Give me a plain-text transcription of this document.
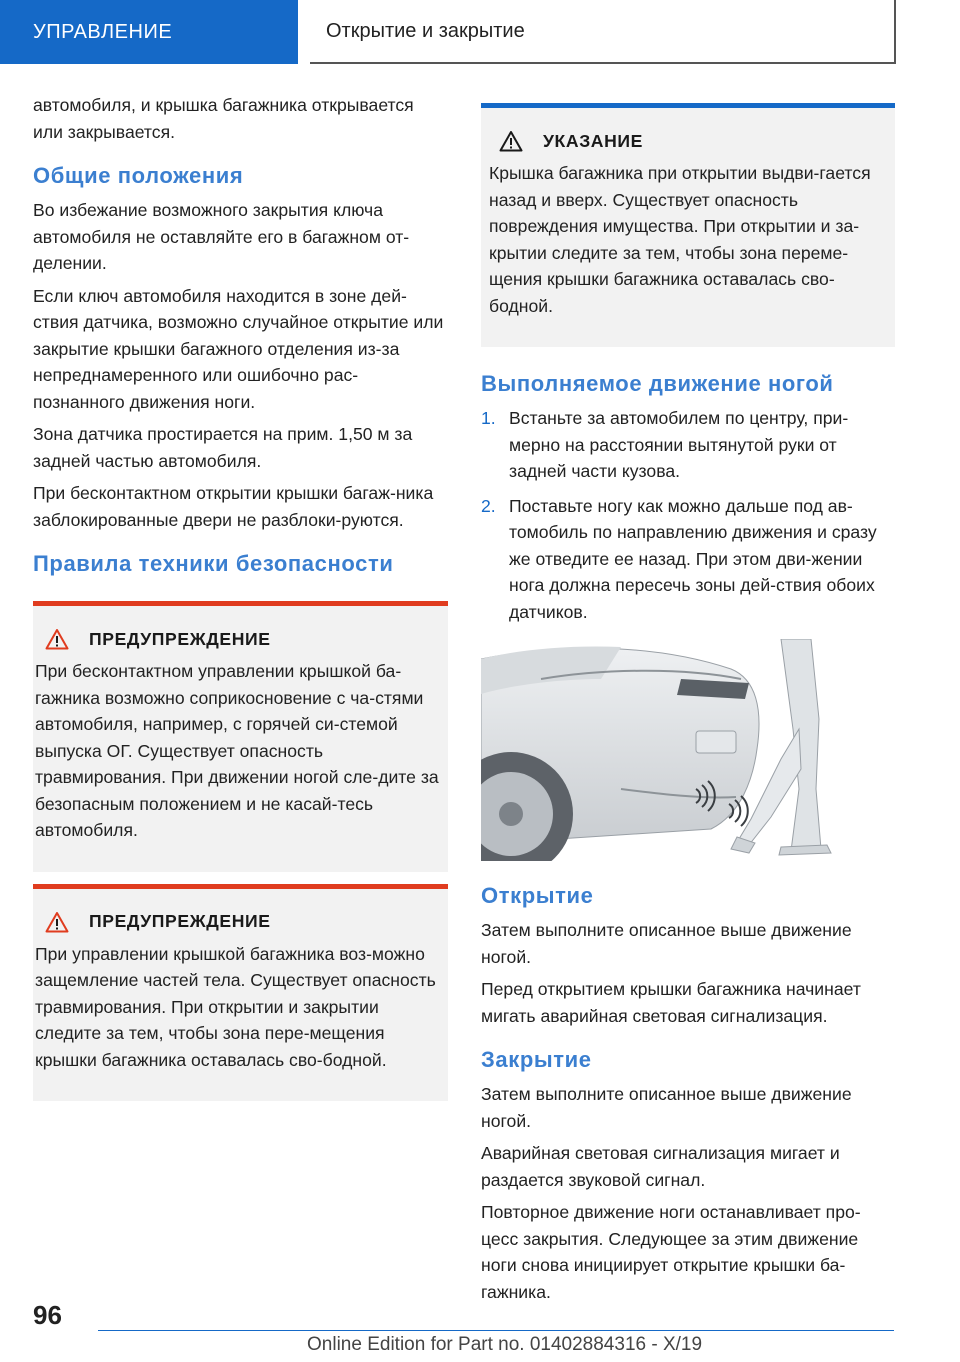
УПРАВЛЕНИЕ	Открытие и закрытие

автомобиля, и крышка багажника открывается или закрывается.

Общие положения

Во избежание возможного закрытия ключа автомобиля не оставляйте его в багажном от-делении.

Если ключ автомобиля находится в зоне дей-ствия датчика, возможно случайное открытие или закрытие крышки багажного отделения из-за непреднамеренного или ошибочно рас-познанного движения ноги.

Зона датчика простирается на прим. 1,50 м за задней частью автомобиля.

При бесконтактном открытии крышки багаж-ника заблокированные двери не разблоки-руются.

Правила техники безопасности
ПРЕДУПРЕЖДЕНИЕ

При бесконтактном управлении крышкой ба-гажника возможно соприкосновение с ча-стями автомобиля, например, с горячей си-стемой выпуска ОГ. Существует опасность травмирования. При движении ногой сле-дите за безопасным положением и не касай-тесь автомобиля.

ПРЕДУПРЕЖДЕНИЕ

При управлении крышкой багажника воз-можно защемление частей тела. Существует опасность травмирования. При открытии и закрытии следите за тем, чтобы зона пере-мещения крышки багажника оставалась сво-бодной.

УКАЗАНИЕ

Крышка багажника при открытии выдви-гается назад и вверх. Существует опасность повреждения имущества. При открытии и за-крытии следите за тем, чтобы зона переме-щения крышки багажника оставалась сво-бодной.

Выполняемое движение ногой
1. Встаньте за автомобилем по центру, при-мерно на расстоянии вытянутой руки от задней части кузова.
2. Поставьте ногу как можно дальше под ав-томобиль по направлению движения и сразу же отведите ее назад. При этом дви-жении нога должна пересечь зоны дей-ствия обоих датчиков.
Открытие

Затем выполните описанное выше движение ногой.

Перед открытием крышки багажника начинает мигать аварийная световая сигнализация.

Закрытие

Затем выполните описанное выше движение ногой.

Аварийная световая сигнализация мигает и раздается звуковой сигнал.

Повторное движение ноги останавливает про-цесс закрытия. Следующее за этим движение ноги снова инициирует открытие крышки ба-гажника.

96
Online Edition for Part no. 01402884316 - X/19
